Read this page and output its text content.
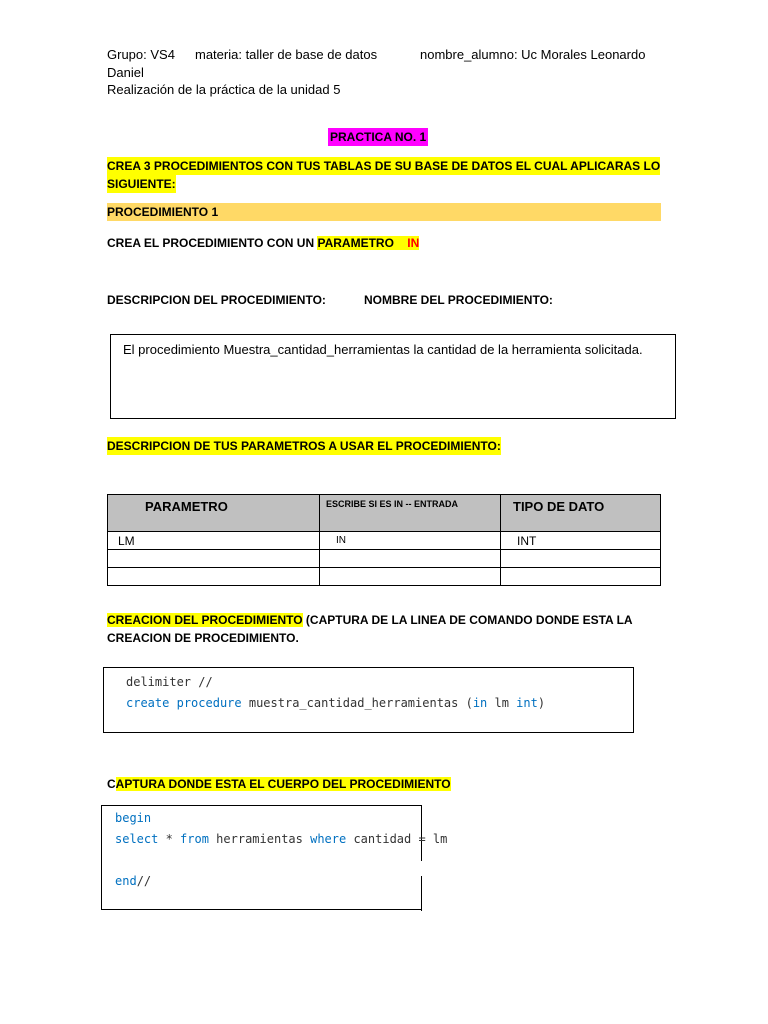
Grupo: VS4 materia: taller de base de datos	nombre_alumno: Uc Morales Leonardo
Daniel
Realización de la práctica de la unidad 5
PRACTICA NO. 1
CREA 3 PROCEDIMIENTOS CON TUS TABLAS DE SU BASE DE DATOS EL CUAL APLICARAS LO
SIGUIENTE:
PROCEDIMIENTO 1
CREA EL PROCEDIMIENTO CON UN PARAMETRO IN
DESCRIPCION DEL PROCEDIMIENTO:	NOMBRE DEL PROCEDIMIENTO:
El procedimiento Muestra_cantidad_herramientas la cantidad de la herramienta solicitada.
DESCRIPCION DE TUS PARAMETROS A USAR EL PROCEDIMIENTO:
PARAMETRO	ESCRIBE SI ES IN -- ENTRADA	TIPO DE DATO
LM	IN	INT

CREACION DEL PROCEDIMIENTO (CAPTURA DE LA LINEA DE COMANDO DONDE ESTA LA
CREACION DE PROCEDIMIENTO.
delimiter //
create procedure muestra_cantidad_herramientas (in lm int)
CAPTURA DONDE ESTA EL CUERPO DEL PROCEDIMIENTO
begin
select * from herramientas where cantidad = lm
end//
